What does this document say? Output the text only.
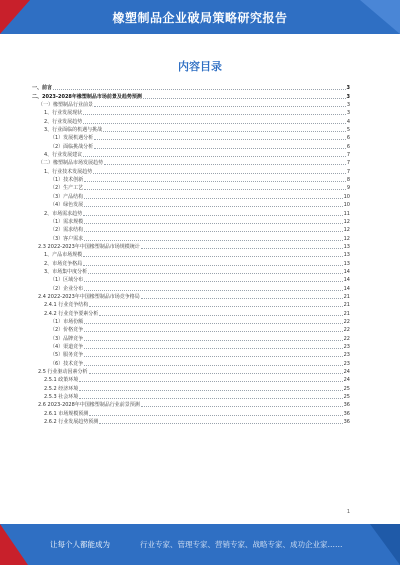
橡塑制品企业破局策略研究报告
内容目录
一、前言	3
二、2023-2028年橡塑制品市场前景及趋势预测	3
（一）橡塑制品行业前景	3
1、行业发展现状	3
2、行业发展趋势	4
3、行业面临的机遇与挑战	5
（1）发展机遇分析	6
（2）面临挑战分析	6
4、行业发展建议	7
（二）橡塑制品市场发展趋势	7
1、行业技术发展趋势	7
（1）技术创新	8
（2）生产工艺	9
（3）产品结构	10
（4）绿色发展	10
2、市场需求趋势	11
（1）需求规模	12
（2）需求结构	12
（3）客户需求	12
2.3 2022-2023年中国橡塑制品市场规模统计	13
1、产品市场规模	13
2、市场竞争格局	13
3、市场集中度分析	14
（1）区域分布	14
（2）企业分布	14
2.4 2022-2023年中国橡塑制品市场竞争格局	21
2.4.1 行业竞争结构	21
2.4.2 行业竞争要素分析	21
（1）市场份额	22
（2）价格竞争	22
（3）品牌竞争	22
（4）渠道竞争	23
（5）服务竞争	23
（6）技术竞争	23
2.5 行业驱动因素分析	24
2.5.1 政策环境	24
2.5.2 经济环境	25
2.5.3 社会环境	25
2.6 2023-2028年中国橡塑制品行业前景预测	36
2.6.1 市场规模预测	36
2.6.2 行业发展趋势预测	36
1
让每个人都能成为	行业专家、管理专家、营销专家、战略专家、成功企业家……
